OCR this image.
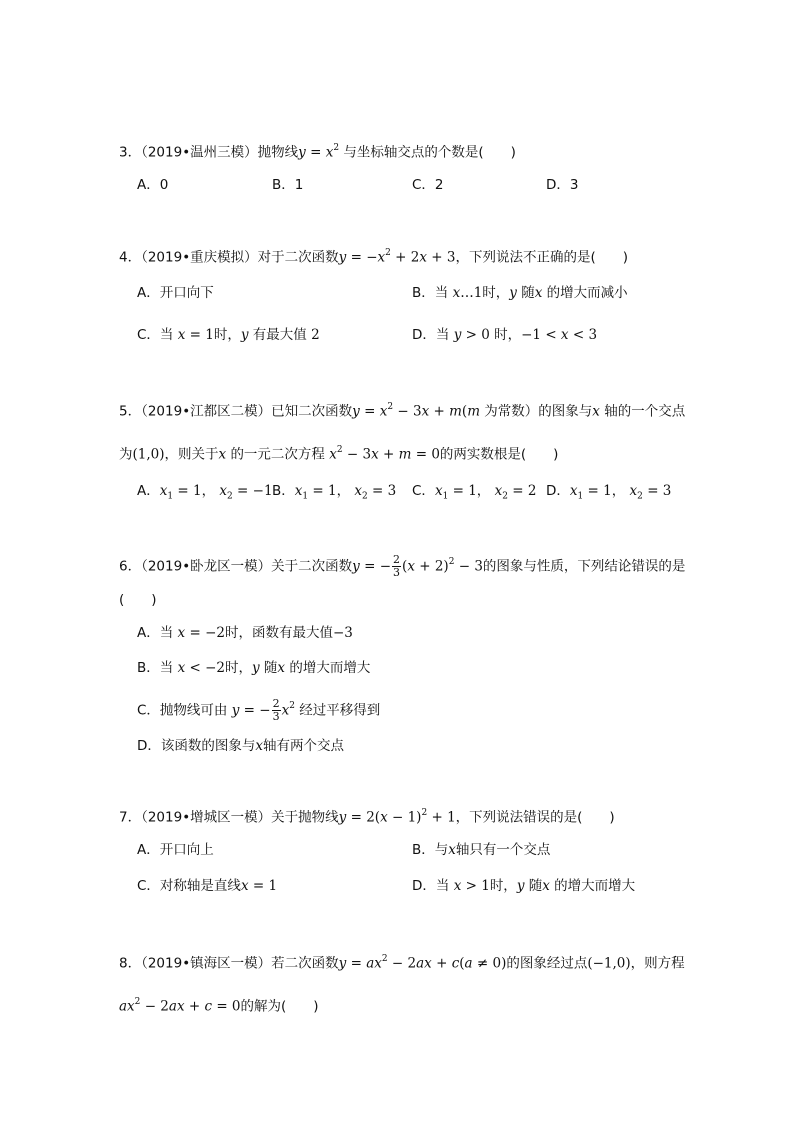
3．（2019•温州三模）抛物线$y = x^2$ 与坐标轴交点的个数是(　　)
A．0	B．1	C．2	D．3
4．（2019•重庆模拟）对于二次函数$y = -x^2 + 2x + 3$，下列说法不正确的是(　　)
A．开口向下	B．当 x…1时，y 随x 的增大而减小
C．当 x = 1时，y 有最大值 2	D．当 y > 0 时，−1 < x < 3
5．（2019•江都区二模）已知二次函数$y = x^2 - 3x + m(m$ 为常数）的图象与x 轴的一个交点
为(1,0)，则关于x 的一元二次方程 $x^2 - 3x + m = 0$的两实数根是(　　)
A．$x_1 = 1$， $x_2 = -1$ B．$x_1 = 1$， $x_2 = 3$ C．$x_1 = 1$， $x_2 = 2$ D．$x_1 = 1$， $x_2 = 3$
6．（2019•卧龙区一模）关于二次函数y = − $\frac{2}{3} (x + 2)^2 - 3$的图象与性质，下列结论错误的是
(　　)
A．当 x = −2时，函数有最大值−3
B．当 x < −2时，y 随x 的增大而增大
C．抛物线可由 y = − $\frac{2}{3} x^2$ 经过平移得到
D．该函数的图象与x轴有两个交点
7．（2019•增城区一模）关于抛物线$y = 2(x - 1)^2 + 1$，下列说法错误的是(　　)
A．开口向上	B．与x轴只有一个交点
C．对称轴是直线x = 1	D．当 x > 1时，y 随x 的增大而增大
8．（2019•镇海区一模）若二次函数$y = ax^2 - 2ax + c(a \ne 0)$的图象经过点(−1,0)，则方程
$ax^2 - 2ax + c = 0$的解为(　　)
